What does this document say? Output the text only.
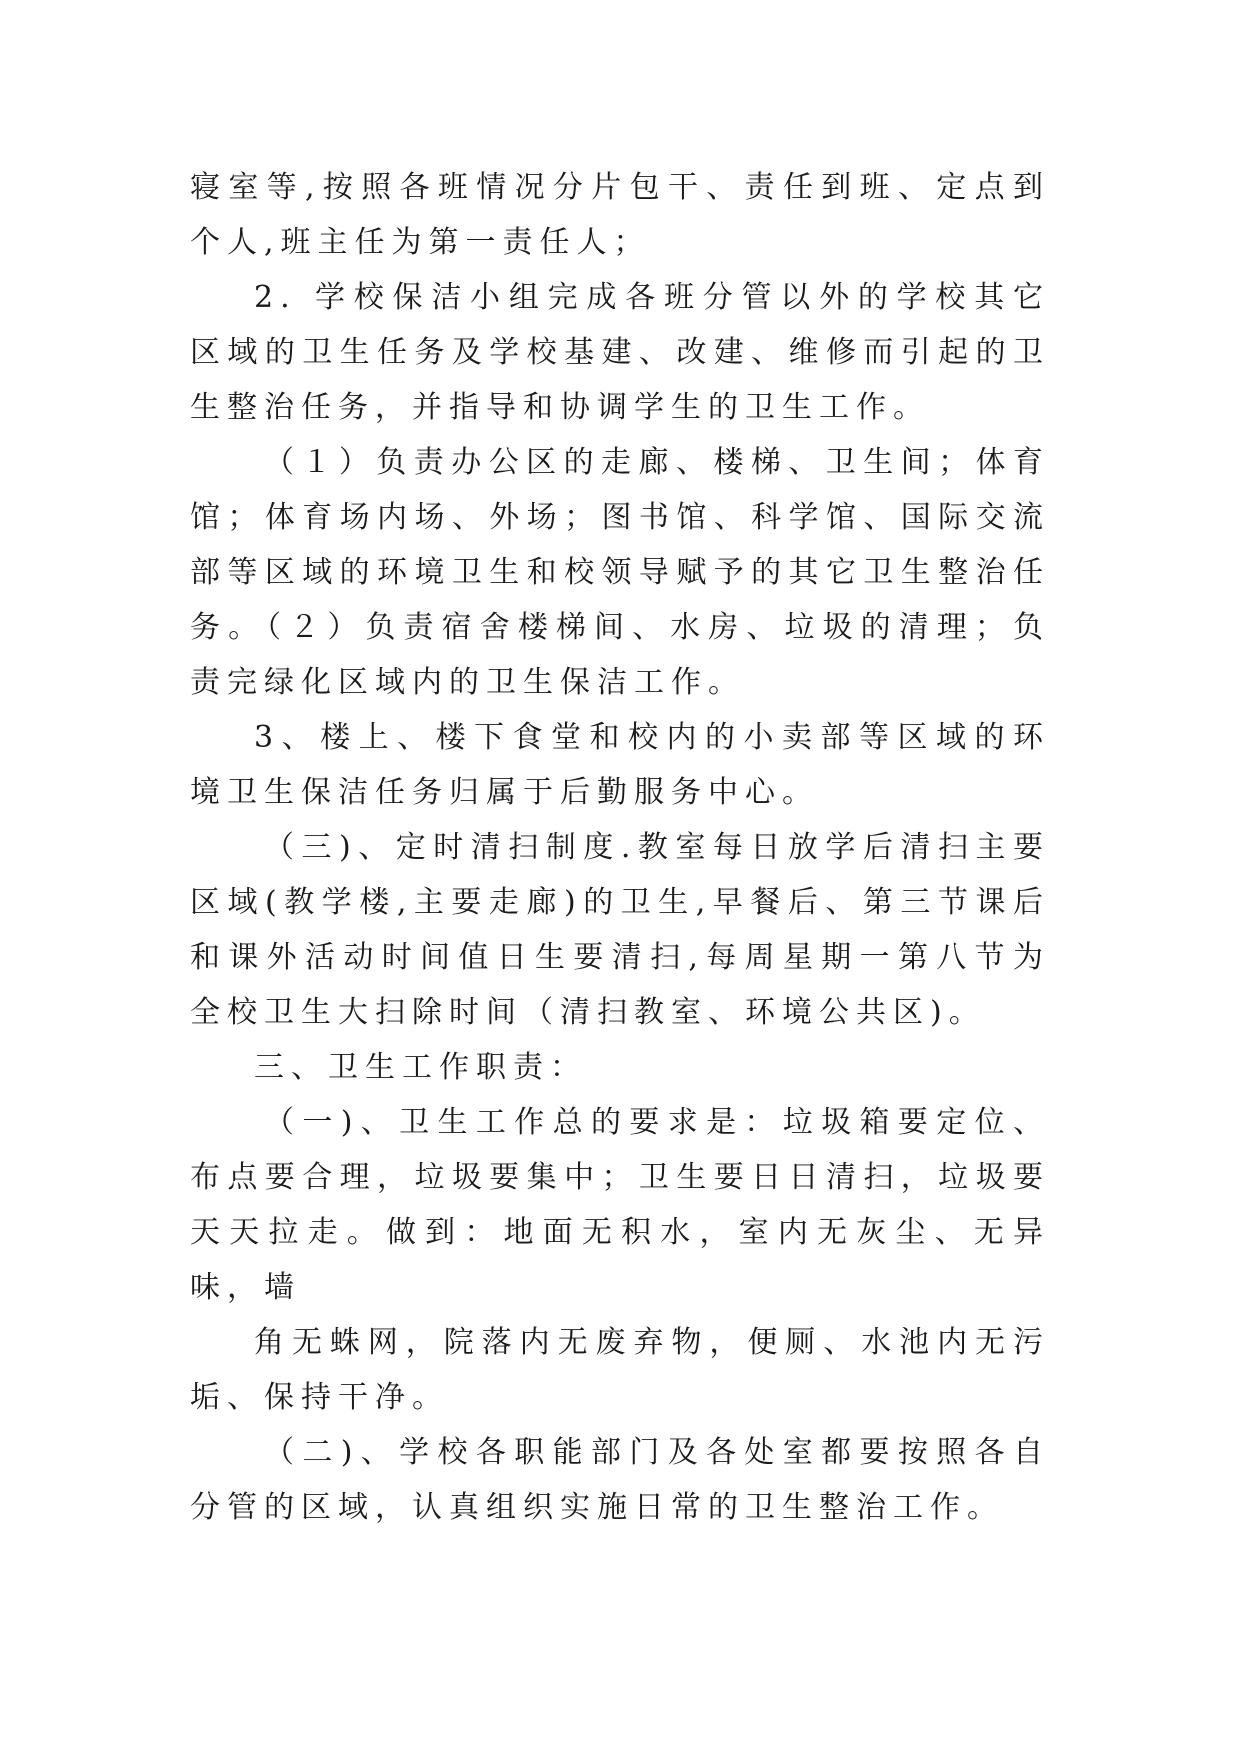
寝室等,按照各班情况分片包干、责任到班、定点到个人,班主任为第一责任人；

2. 学校保洁小组完成各班分管以外的学校其它区域的卫生任务及学校基建、改建、维修而引起的卫生整治任务，并指导和协调学生的卫生工作。

（１）负责办公区的走廊、楼梯、卫生间；体育馆；体育场内场、外场；图书馆、科学馆、国际交流部等区域的环境卫生和校领导赋予的其它卫生整治任务。（２）负责宿舍楼梯间、水房、垃圾的清理；负责完绿化区域内的卫生保洁工作。

3、楼上、楼下食堂和校内的小卖部等区域的环境卫生保洁任务归属于后勤服务中心。

（三)、定时清扫制度.教室每日放学后清扫主要区域(教学楼,主要走廊)的卫生,早餐后、第三节课后和课外活动时间值日生要清扫,每周星期一第八节为全校卫生大扫除时间（清扫教室、环境公共区)。

三、卫生工作职责：

（一)、卫生工作总的要求是：垃圾箱要定位、布点要合理，垃圾要集中；卫生要日日清扫，垃圾要天天拉走。做到：地面无积水，室内无灰尘、无异味，墙

角无蛛网，院落内无废弃物，便厕、水池内无污垢、保持干净。

（二)、学校各职能部门及各处室都要按照各自分管的区域，认真组织实施日常的卫生整治工作。
